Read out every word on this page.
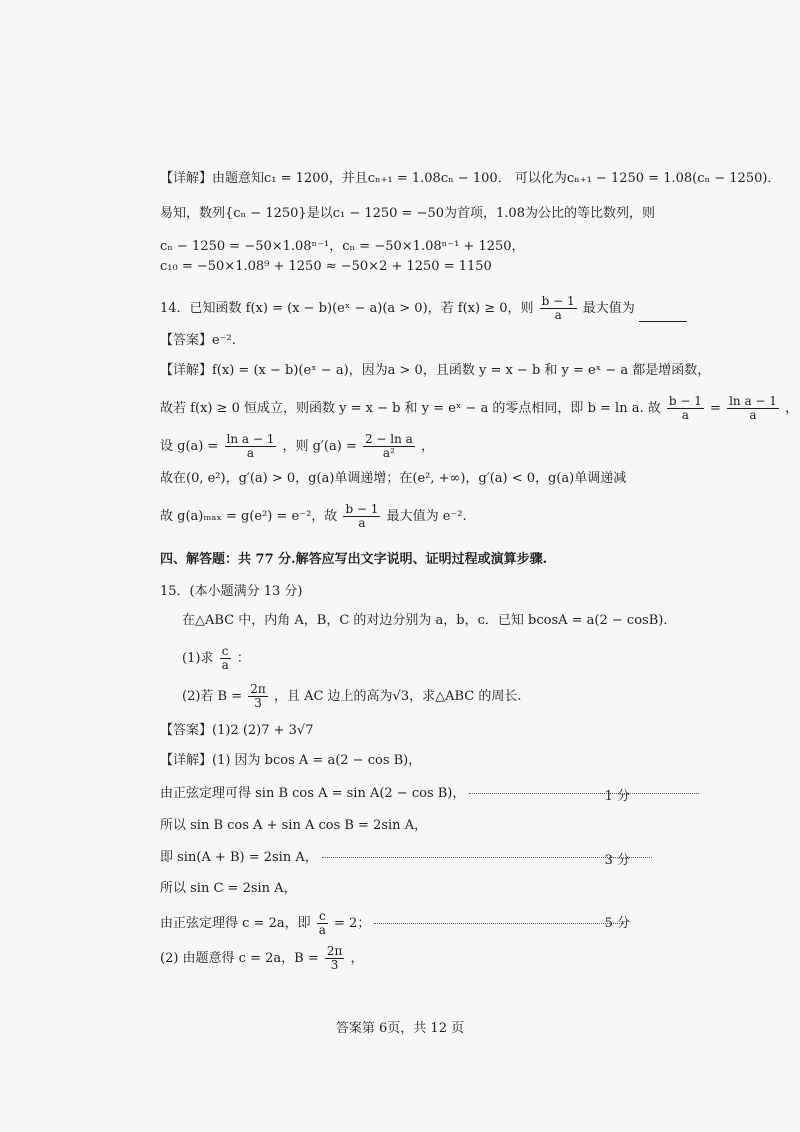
【详解】由题意知c₁ = 1200，并且cₙ₊₁ = 1.08cₙ − 100． 可以化为cₙ₊₁ − 1250 = 1.08(cₙ − 1250)．
易知，数列{cₙ − 1250}是以c₁ − 1250 = −50为首项，1.08为公比的等比数列，则
cₙ − 1250 = −50×1.08ⁿ⁻¹，cₙ = −50×1.08ⁿ⁻¹ + 1250，
c₁₀ = −50×1.08⁹ + 1250 ≈ −50×2 + 1250 = 1150
14．已知函数 f(x) = (x − b)(eˣ − a)(a > 0)，若 f(x) ≥ 0，则 $\frac{b - 1}{a}$ 最大值为
【答案】e⁻².
【详解】f(x) = (x − b)(eˣ − a)，因为a > 0，且函数 y = x − b 和 y = eˣ − a 都是增函数，
故若 f(x) ≥ 0 恒成立，则函数 y = x − b 和 y = eˣ − a 的零点相同，即 b = ln a. 故 $\frac{b - 1}{a} = \frac{\text{ln a − 1}}{a}$ ，
设 $g(a) = \frac{\text{ln a − 1}}{a}$ ，则 $g'(a) = \frac{\text{2 − ln a}}{\text{a²}}$ ，
故在(0, e²)，g′(a) > 0，g(a)单调递增；在(e², +∞)，g′(a) < 0，g(a)单调递减
故 g(a)ₘₐₓ = g(e²) = e⁻²，故 $\frac{b - 1}{a}$ 最大值为 e⁻².
四、解答题：共 77 分.解答应写出文字说明、证明过程或演算步骤.
15．(本小题满分 13 分)
在△ABC 中，内角 A，B，C 的对边分别为 a，b，c．已知 bcosA = a(2 − cosB)．
(1)求 $\frac{c}{a}$ ：
(2)若 $B = \frac{2\pi}{3}$ ，且 AC 边上的高为√3，求△ABC 的周长.
【答案】(1)2 (2)7 + 3√7
【详解】(1) 因为 bcos A = a(2 − cos B)，
由正弦定理可得 sin B cos A = sin A(2 − cos B)，	1 分
所以 sin B cos A + sin A cos B = 2sin A，
即 sin(A + B) = 2sin A，	3 分
所以 sin C = 2sin A，
由正弦定理得 c = 2a，即 $\frac{c}{a} = 2$；	5 分
(2) 由题意得 c = 2a，$B = \frac{2\pi}{3}$ ，
答案第 6页，共 12 页
